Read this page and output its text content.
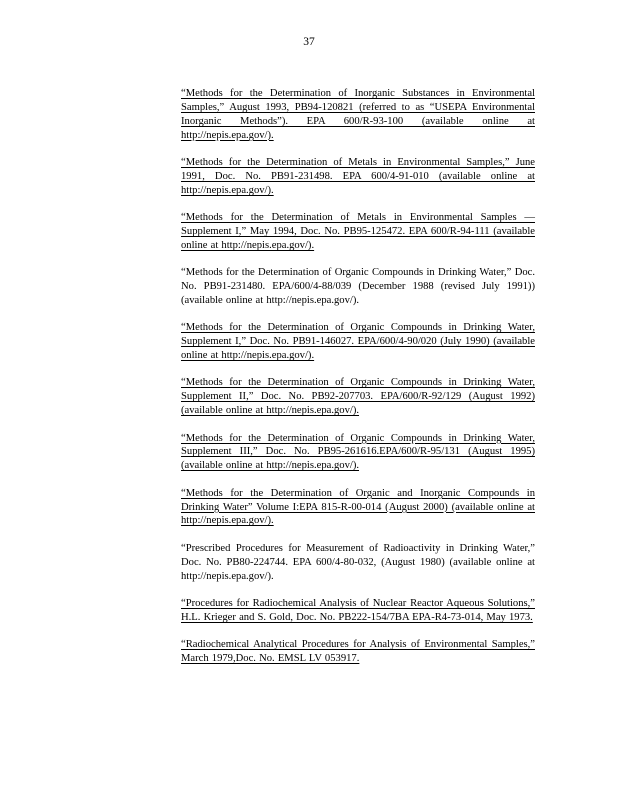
37

“Methods for the Determination of Inorganic Substances in Environmental Samples,” August 1993, PB94-120821 (referred to as “USEPA Environmental Inorganic Methods”). EPA 600/R-93-100 (available online at http://nepis.epa.gov/).

“Methods for the Determination of Metals in Environmental Samples,” June 1991, Doc. No. PB91-231498. EPA 600/4-91-010 (available online at http://nepis.epa.gov/).

“Methods for the Determination of Metals in Environmental Samples — Supplement I,” May 1994, Doc. No. PB95-125472. EPA 600/R-94-111 (available online at http://nepis.epa.gov/).

“Methods for the Determination of Organic Compounds in Drinking Water,” Doc. No. PB91-231480. EPA/600/4-88/039 (December 1988 (revised July 1991)) (available online at http://nepis.epa.gov/).

“Methods for the Determination of Organic Compounds in Drinking Water, Supplement I,” Doc. No. PB91-146027. EPA/600/4-90/020 (July 1990) (available online at http://nepis.epa.gov/).

“Methods for the Determination of Organic Compounds in Drinking Water, Supplement II,” Doc. No. PB92-207703. EPA/600/R-92/129 (August 1992) (available online at http://nepis.epa.gov/).

“Methods for the Determination of Organic Compounds in Drinking Water, Supplement III,” Doc. No. PB95-261616.EPA/600/R-95/131 (August 1995) (available online at http://nepis.epa.gov/).

“Methods for the Determination of Organic and Inorganic Compounds in Drinking Water” Volume I:EPA 815-R-00-014 (August 2000) (available online at http://nepis.epa.gov/).

“Prescribed Procedures for Measurement of Radioactivity in Drinking Water,” Doc. No. PB80-224744. EPA 600/4-80-032, (August 1980) (available online at http://nepis.epa.gov/).

“Procedures for Radiochemical Analysis of Nuclear Reactor Aqueous Solutions,” H.L. Krieger and S. Gold, Doc. No. PB222-154/7BA EPA-R4-73-014, May 1973.

“Radiochemical Analytical Procedures for Analysis of Environmental Samples,” March 1979,Doc. No. EMSL LV 053917.
